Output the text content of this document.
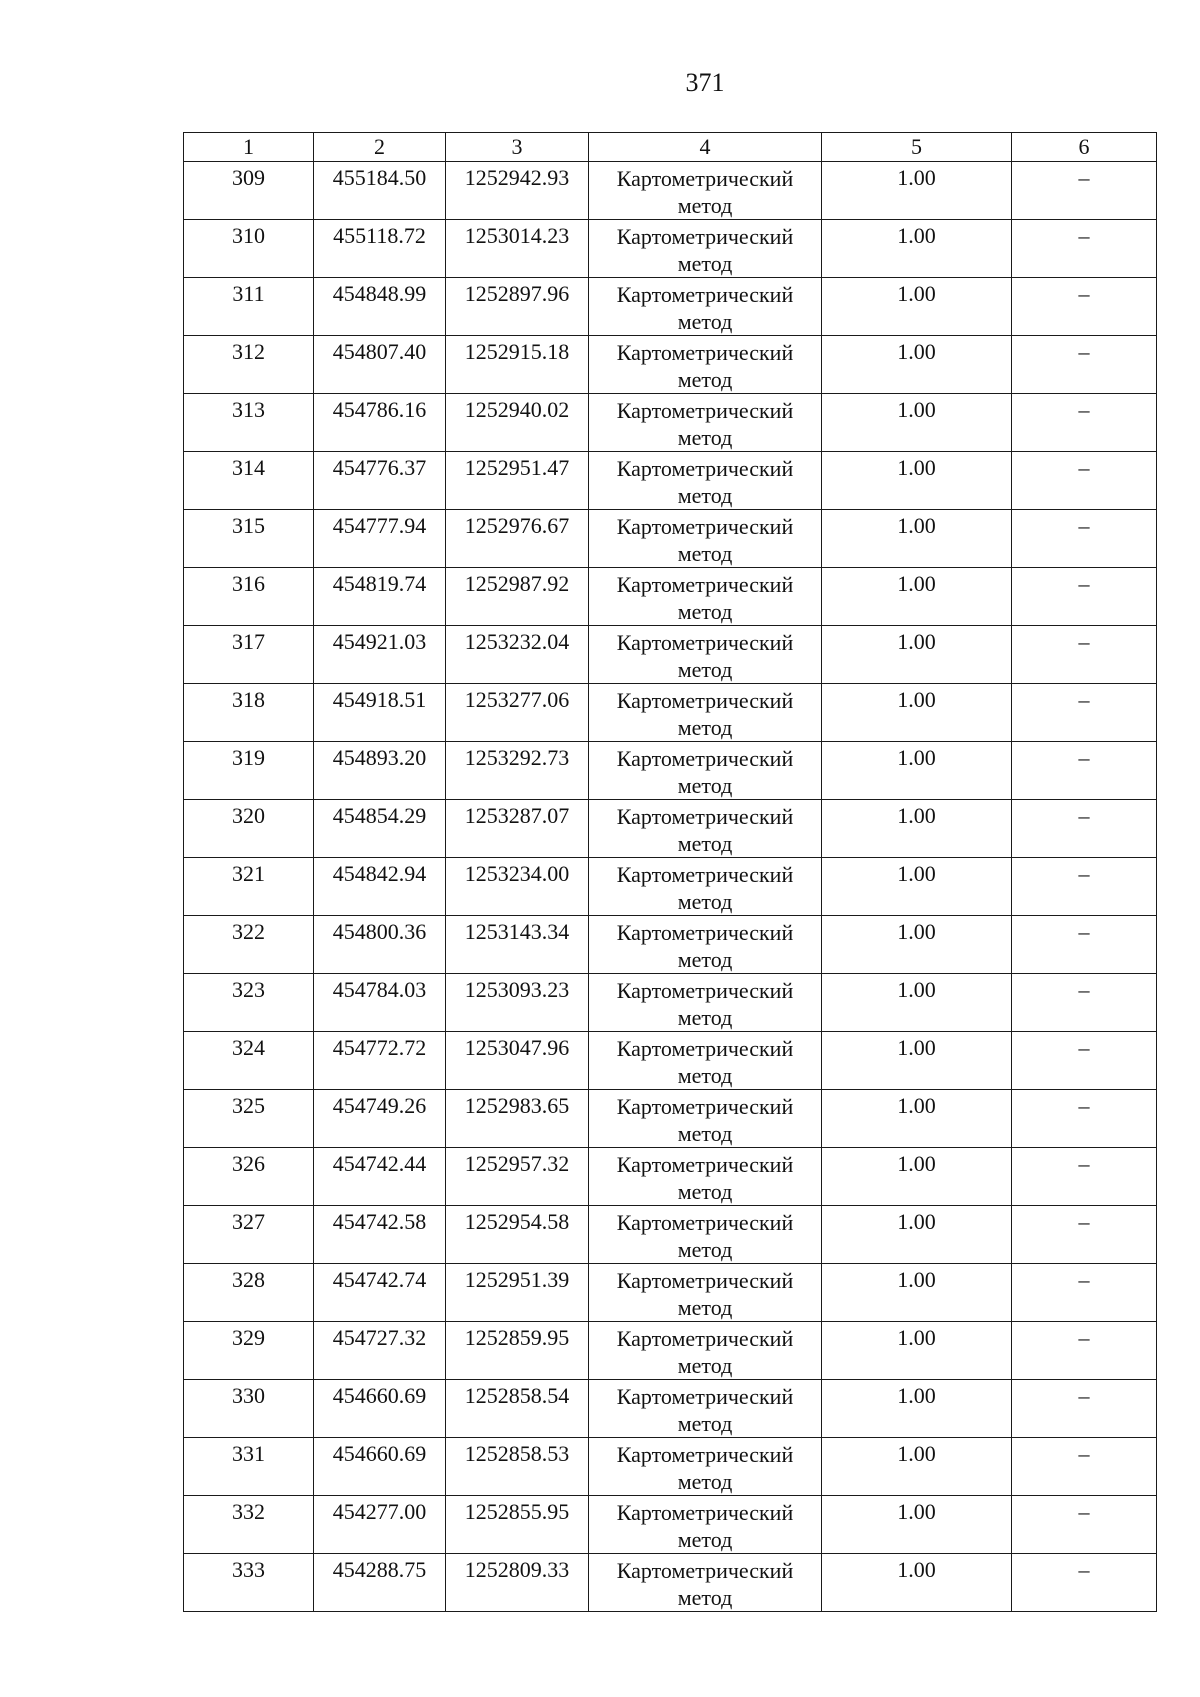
371
1	2	3	4	5	6

309	455184.50	1252942.93	Картометрический
метод	1.00	–

310	455118.72	1253014.23	Картометрический
метод	1.00	–

311	454848.99	1252897.96	Картометрический
метод	1.00	–

312	454807.40	1252915.18	Картометрический
метод	1.00	–

313	454786.16	1252940.02	Картометрический
метод	1.00	–

314	454776.37	1252951.47	Картометрический
метод	1.00	–

315	454777.94	1252976.67	Картометрический
метод	1.00	–

316	454819.74	1252987.92	Картометрический
метод	1.00	–

317	454921.03	1253232.04	Картометрический
метод	1.00	–

318	454918.51	1253277.06	Картометрический
метод	1.00	–

319	454893.20	1253292.73	Картометрический
метод	1.00	–

320	454854.29	1253287.07	Картометрический
метод	1.00	–

321	454842.94	1253234.00	Картометрический
метод	1.00	–

322	454800.36	1253143.34	Картометрический
метод	1.00	–

323	454784.03	1253093.23	Картометрический
метод	1.00	–

324	454772.72	1253047.96	Картометрический
метод	1.00	–

325	454749.26	1252983.65	Картометрический
метод	1.00	–

326	454742.44	1252957.32	Картометрический
метод	1.00	–

327	454742.58	1252954.58	Картометрический
метод	1.00	–

328	454742.74	1252951.39	Картометрический
метод	1.00	–

329	454727.32	1252859.95	Картометрический
метод	1.00	–

330	454660.69	1252858.54	Картометрический
метод	1.00	–

331	454660.69	1252858.53	Картометрический
метод	1.00	–

332	454277.00	1252855.95	Картометрический
метод	1.00	–

333	454288.75	1252809.33	Картометрический
метод	1.00	–
